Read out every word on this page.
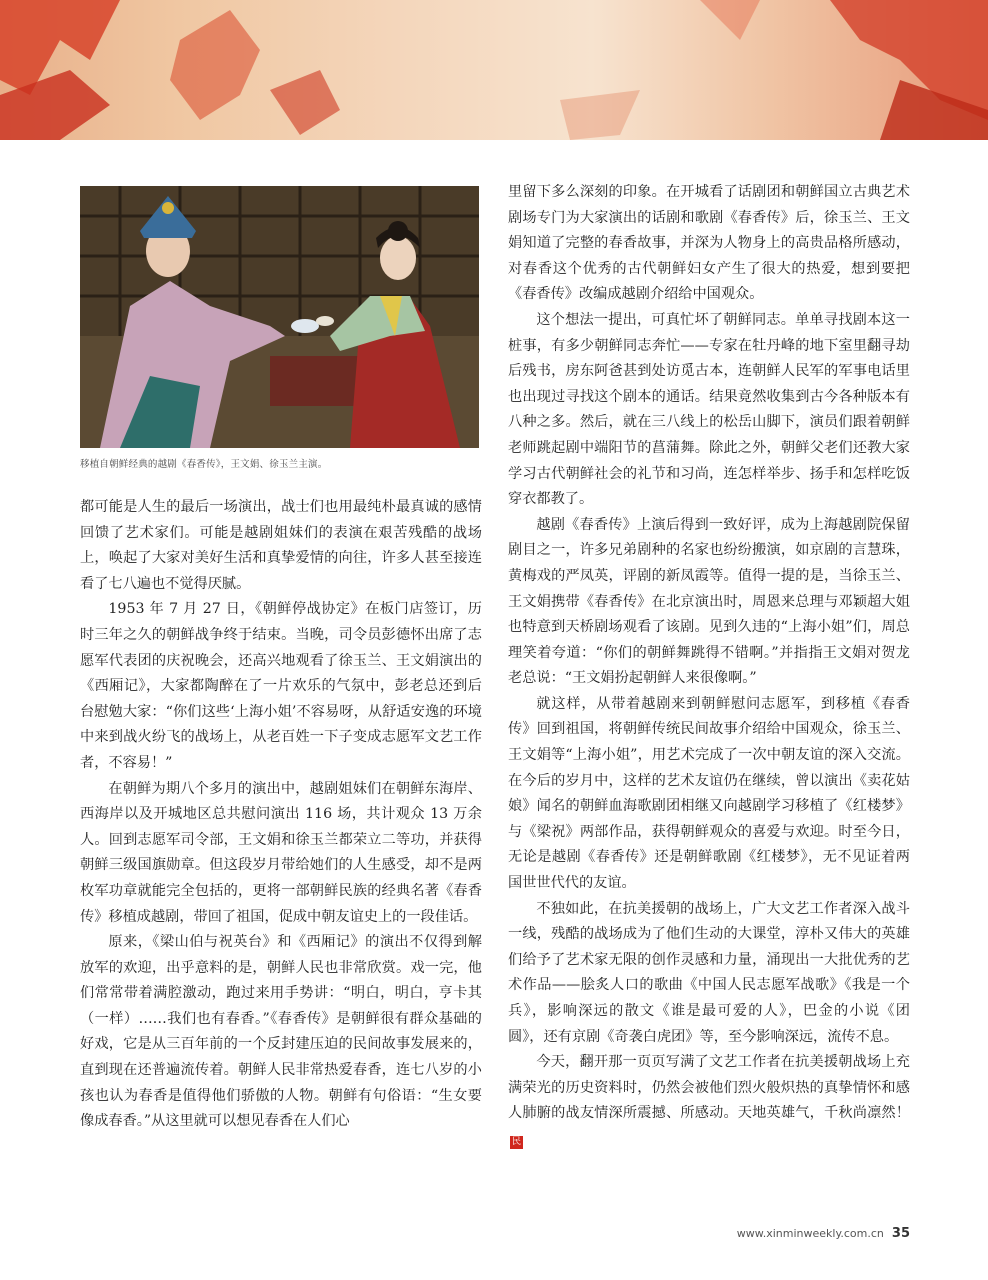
移植自朝鲜经典的越剧《春香传》，王文娟、徐玉兰主演。

都可能是人生的最后一场演出，战士们也用最纯朴最真诚的感情回馈了艺术家们。可能是越剧姐妹们的表演在艰苦残酷的战场上，唤起了大家对美好生活和真挚爱情的向往，许多人甚至接连看了七八遍也不觉得厌腻。

1953 年 7 月 27 日，《朝鲜停战协定》在板门店签订，历时三年之久的朝鲜战争终于结束。当晚，司令员彭德怀出席了志愿军代表团的庆祝晚会，还高兴地观看了徐玉兰、王文娟演出的《西厢记》，大家都陶醉在了一片欢乐的气氛中，彭老总还到后台慰勉大家：“你们这些‘上海小姐’不容易呀，从舒适安逸的环境中来到战火纷飞的战场上，从老百姓一下子变成志愿军文艺工作者，不容易！”

在朝鲜为期八个多月的演出中，越剧姐妹们在朝鲜东海岸、西海岸以及开城地区总共慰问演出 116 场，共计观众 13 万余人。回到志愿军司令部，王文娟和徐玉兰都荣立二等功，并获得朝鲜三级国旗勋章。但这段岁月带给她们的人生感受，却不是两枚军功章就能完全包括的，更将一部朝鲜民族的经典名著《春香传》移植成越剧，带回了祖国，促成中朝友谊史上的一段佳话。

原来，《梁山伯与祝英台》和《西厢记》的演出不仅得到解放军的欢迎，出乎意料的是，朝鲜人民也非常欣赏。戏一完，他们常常带着满腔激动，跑过来用手势讲：“明白，明白，亨卡其（一样）……我们也有春香。”《春香传》是朝鲜很有群众基础的好戏，它是从三百年前的一个反封建压迫的民间故事发展来的，直到现在还普遍流传着。朝鲜人民非常热爱春香，连七八岁的小孩也认为春香是值得他们骄傲的人物。朝鲜有句俗语：“生女要像成春香。”从这里就可以想见春香在人们心

里留下多么深刻的印象。在开城看了话剧团和朝鲜国立古典艺术剧场专门为大家演出的话剧和歌剧《春香传》后，徐玉兰、王文娟知道了完整的春香故事，并深为人物身上的高贵品格所感动，对春香这个优秀的古代朝鲜妇女产生了很大的热爱，想到要把《春香传》改编成越剧介绍给中国观众。

这个想法一提出，可真忙坏了朝鲜同志。单单寻找剧本这一桩事，有多少朝鲜同志奔忙——专家在牡丹峰的地下室里翻寻劫后残书，房东阿爸甚到处访觅古本，连朝鲜人民军的军事电话里也出现过寻找这个剧本的通话。结果竟然收集到古今各种版本有八种之多。然后，就在三八线上的松岳山脚下，演员们跟着朝鲜老师跳起剧中端阳节的菖蒲舞。除此之外，朝鲜父老们还教大家学习古代朝鲜社会的礼节和习尚，连怎样举步、扬手和怎样吃饭穿衣都教了。

越剧《春香传》上演后得到一致好评，成为上海越剧院保留剧目之一，许多兄弟剧种的名家也纷纷搬演，如京剧的言慧珠，黄梅戏的严凤英，评剧的新凤霞等。值得一提的是，当徐玉兰、王文娟携带《春香传》在北京演出时，周恩来总理与邓颖超大姐也特意到天桥剧场观看了该剧。见到久违的“上海小姐”们，周总理笑着夸道：“你们的朝鲜舞跳得不错啊。”并指指王文娟对贺龙老总说：“王文娟扮起朝鲜人来很像啊。”

就这样，从带着越剧来到朝鲜慰问志愿军，到移植《春香传》回到祖国，将朝鲜传统民间故事介绍给中国观众，徐玉兰、王文娟等“上海小姐”，用艺术完成了一次中朝友谊的深入交流。在今后的岁月中，这样的艺术友谊仍在继续，曾以演出《卖花姑娘》闻名的朝鲜血海歌剧团相继又向越剧学习移植了《红楼梦》与《梁祝》两部作品，获得朝鲜观众的喜爱与欢迎。时至今日，无论是越剧《春香传》还是朝鲜歌剧《红楼梦》，无不见证着两国世世代代的友谊。

不独如此，在抗美援朝的战场上，广大文艺工作者深入战斗一线，残酷的战场成为了他们生动的大课堂，淳朴又伟大的英雄们给予了艺术家无限的创作灵感和力量，涌现出一大批优秀的艺术作品——脍炙人口的歌曲《中国人民志愿军战歌》《我是一个兵》，影响深远的散文《谁是最可爱的人》，巴金的小说《团圆》，还有京剧《奇袭白虎团》等，至今影响深远，流传不息。

今天，翻开那一页页写满了文艺工作者在抗美援朝战场上充满荣光的历史资料时，仍然会被他们烈火般炽热的真挚情怀和感人肺腑的战友情深所震撼、所感动。天地英雄气，千秋尚凛然！民

www.xinminweekly.com.cn 35
